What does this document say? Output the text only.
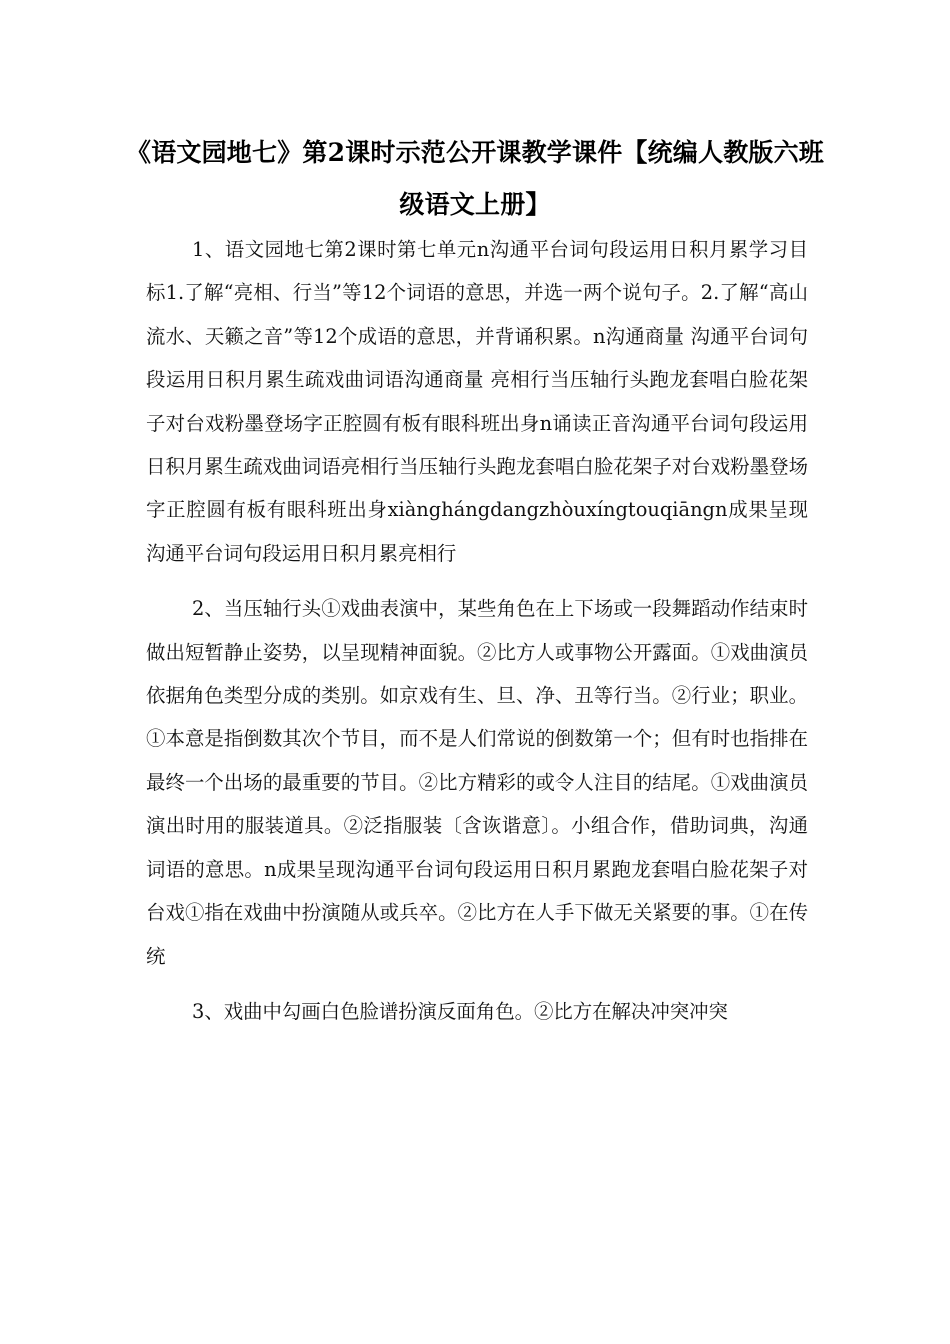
《语文园地七》第2课时示范公开课教学课件【统编人教版六班级语文上册】

1、语文园地七第2课时第七单元n沟通平台词句段运用日积月累学习目标1.了解“亮相、行当”等12个词语的意思，并选一两个说句子。2.了解“高山流水、天籁之音”等12个成语的意思，并背诵积累。n沟通商量 沟通平台词句段运用日积月累生疏戏曲词语沟通商量 亮相行当压轴行头跑龙套唱白脸花架子对台戏粉墨登场字正腔圆有板有眼科班出身n诵读正音沟通平台词句段运用日积月累生疏戏曲词语亮相行当压轴行头跑龙套唱白脸花架子对台戏粉墨登场字正腔圆有板有眼科班出身xiànghángdangzhòuxíngtouqiāngn成果呈现沟通平台词句段运用日积月累亮相行

2、当压轴行头①戏曲表演中，某些角色在上下场或一段舞蹈动作结束时做出短暂静止姿势，以呈现精神面貌。②比方人或事物公开露面。①戏曲演员依据角色类型分成的类别。如京戏有生、旦、净、丑等行当。②行业；职业。①本意是指倒数其次个节目，而不是人们常说的倒数第一个；但有时也指排在最终一个出场的最重要的节目。②比方精彩的或令人注目的结尾。①戏曲演员演出时用的服装道具。②泛指服装〔含诙谐意〕。小组合作，借助词典，沟通词语的意思。n成果呈现沟通平台词句段运用日积月累跑龙套唱白脸花架子对台戏①指在戏曲中扮演随从或兵卒。②比方在人手下做无关紧要的事。①在传统

3、戏曲中勾画白色脸谱扮演反面角色。②比方在解决冲突冲突
